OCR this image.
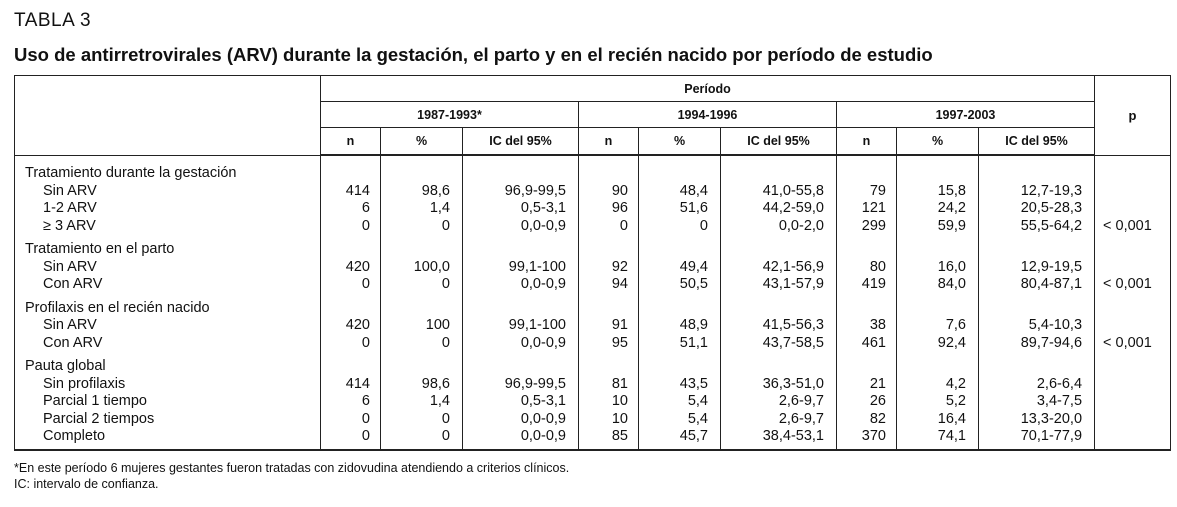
TABLA 3
Uso de antirretrovirales (ARV) durante la gestación, el parto y en el recién nacido por período de estudio
	Período									p
	1987-1993*			1994-1996			1997-2003			
	n	%	IC del 95%	n	%	IC del 95%	n	%	IC del 95%	
Tratamiento durante la gestación										
Sin ARV	414	98,6	96,9-99,5	90	48,4	41,0-55,8	79	15,8	12,7-19,3	
1-2 ARV	6	1,4	0,5-3,1	96	51,6	44,2-59,0	121	24,2	20,5-28,3	
≥ 3 ARV	0	0	0,0-0,9	0	0	0,0-2,0	299	59,9	55,5-64,2	< 0,001
Tratamiento en el parto										
Sin ARV	420	100,0	99,1-100	92	49,4	42,1-56,9	80	16,0	12,9-19,5	
Con ARV	0	0	0,0-0,9	94	50,5	43,1-57,9	419	84,0	80,4-87,1	< 0,001
Profilaxis en el recién nacido										
Sin ARV	420	100	99,1-100	91	48,9	41,5-56,3	38	7,6	5,4-10,3	
Con ARV	0	0	0,0-0,9	95	51,1	43,7-58,5	461	92,4	89,7-94,6	< 0,001
Pauta global										
Sin profilaxis	414	98,6	96,9-99,5	81	43,5	36,3-51,0	21	4,2	2,6-6,4	
Parcial 1 tiempo	6	1,4	0,5-3,1	10	5,4	2,6-9,7	26	5,2	3,4-7,5	
Parcial 2 tiempos	0	0	0,0-0,9	10	5,4	2,6-9,7	82	16,4	13,3-20,0	
Completo	0	0	0,0-0,9	85	45,7	38,4-53,1	370	74,1	70,1-77,9	
*En este período 6 mujeres gestantes fueron tratadas con zidovudina atendiendo a criterios clínicos.
IC: intervalo de confianza.
